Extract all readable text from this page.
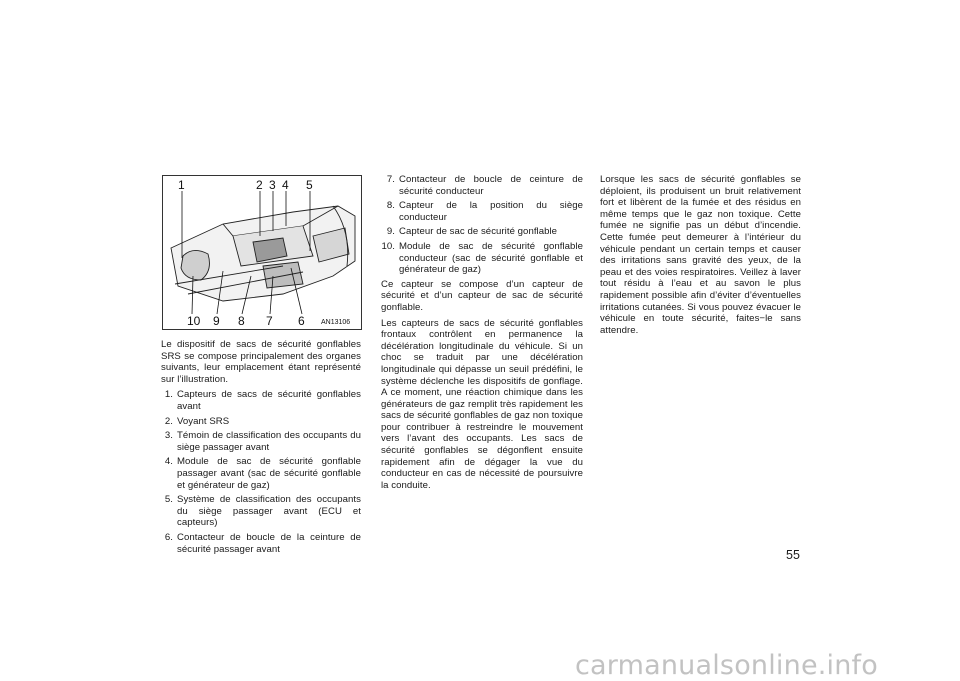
1	2 3 4 5
10 9 8 7 6 AN13106

Le dispositif de sacs de sécurité gonflables SRS se compose principalement des organes suivants, leur emplacement étant représenté sur l’illustration.

1. Capteurs de sacs de sécurité gonflables avant
2. Voyant SRS
3. Témoin de classification des occupants du siège passager avant
4. Module de sac de sécurité gonflable passager avant (sac de sécurité gonflable et générateur de gaz)
5. Système de classification des occupants du siège passager avant (ECU et capteurs)
6. Contacteur de boucle de la ceinture de sécurité passager avant
7. Contacteur de boucle de ceinture de sécurité conducteur
8. Capteur de la position du siège conducteur
9. Capteur de sac de sécurité gonflable
10. Module de sac de sécurité gonflable conducteur (sac de sécurité gonflable et générateur de gaz)

Ce capteur se compose d’un capteur de sécurité et d’un capteur de sac de sécurité gonflable.

Les capteurs de sacs de sécurité gonflables frontaux contrôlent en permanence la décélération longitudinale du véhicule. Si un choc se traduit par une décélération longitudinale qui dépasse un seuil prédéfini, le système déclenche les dispositifs de gonflage. A ce moment, une réaction chimique dans les générateurs de gaz remplit très rapidement les sacs de sécurité gonflables de gaz non toxique pour contribuer à restreindre le mouvement vers l’avant des occupants. Les sacs de sécurité gonflables se dégonflent ensuite rapidement afin de dégager la vue du conducteur en cas de nécessité de poursuivre la conduite.

Lorsque les sacs de sécurité gonflables se déploient, ils produisent un bruit relativement fort et libèrent de la fumée et des résidus en même temps que le gaz non toxique. Cette fumée ne signifie pas un début d’incendie. Cette fumée peut demeurer à l’intérieur du véhicule pendant un certain temps et causer des irritations sans gravité des yeux, de la peau et des voies respiratoires. Veillez à laver tout résidu à l’eau et au savon le plus rapidement possible afin d’éviter d’éventuelles irritations cutanées. Si vous pouvez évacuer le véhicule en toute sécurité, faites−le sans attendre.

55
carmanualsonline.info
